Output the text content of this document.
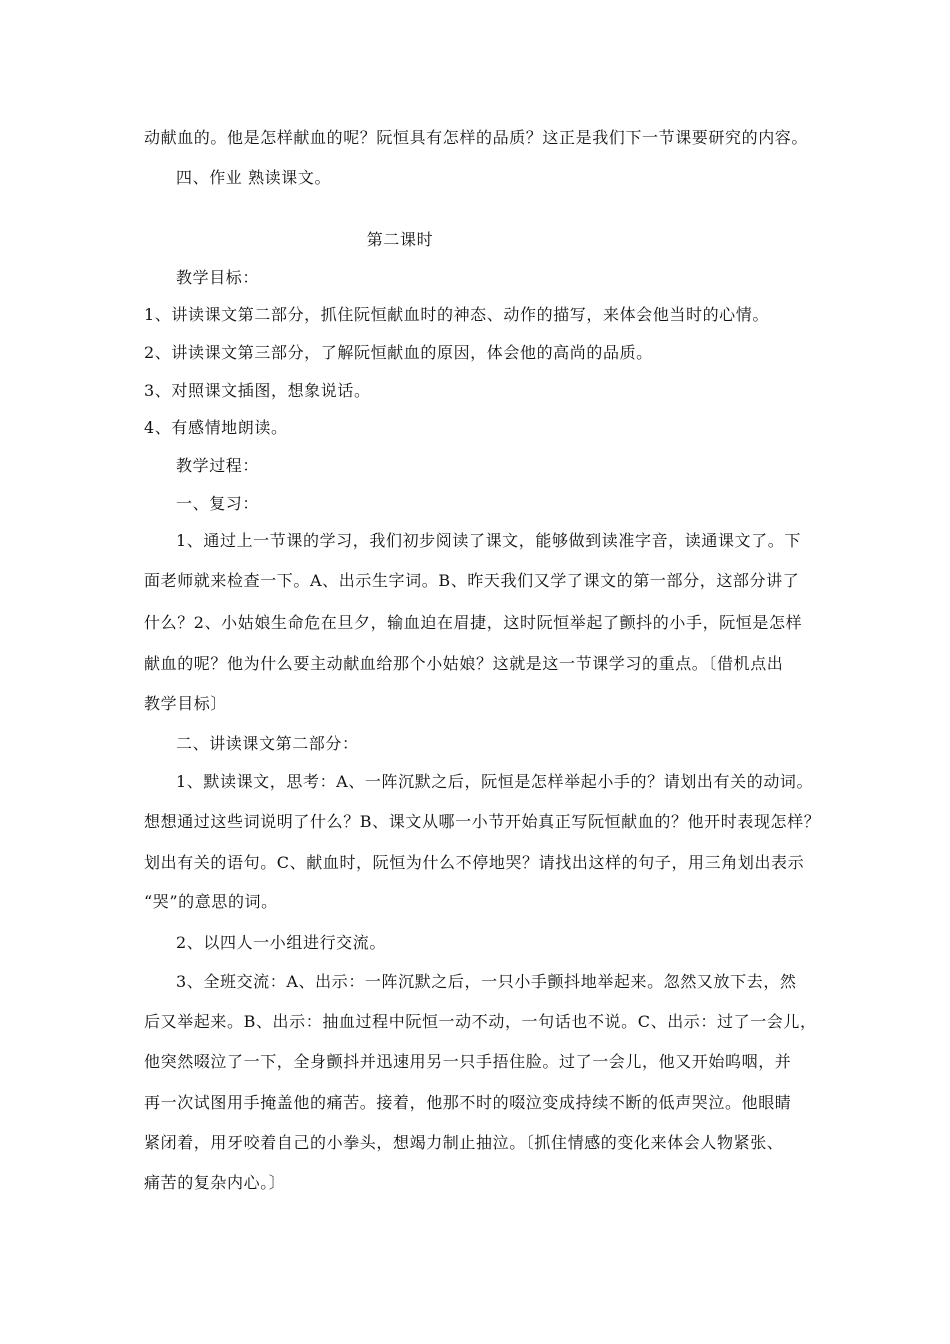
动献血的。他是怎样献血的呢？阮恒具有怎样的品质？这正是我们下一节课要研究的内容。
四、作业 熟读课文。
第二课时
教学目标：
1、讲读课文第二部分，抓住阮恒献血时的神态、动作的描写，来体会他当时的心情。
2、讲读课文第三部分，了解阮恒献血的原因，体会他的高尚的品质。
3、对照课文插图，想象说话。
4、有感情地朗读。
教学过程：
一、复习：
1、通过上一节课的学习，我们初步阅读了课文，能够做到读准字音，读通课文了。下
面老师就来检查一下。A、出示生字词。B、昨天我们又学了课文的第一部分，这部分讲了
什么？2、小姑娘生命危在旦夕，输血迫在眉捷，这时阮恒举起了颤抖的小手，阮恒是怎样
献血的呢？他为什么要主动献血给那个小姑娘？这就是这一节课学习的重点。〔借机点出
教学目标〕
二、讲读课文第二部分：
1、默读课文，思考：A、一阵沉默之后，阮恒是怎样举起小手的？请划出有关的动词。
想想通过这些词说明了什么？B、课文从哪一小节开始真正写阮恒献血的？他开时表现怎样？
划出有关的语句。C、献血时，阮恒为什么不停地哭？请找出这样的句子，用三角划出表示
“哭”的意思的词。
2、以四人一小组进行交流。
3、全班交流：A、出示：一阵沉默之后，一只小手颤抖地举起来。忽然又放下去，然
后又举起来。B、出示：抽血过程中阮恒一动不动，一句话也不说。C、出示：过了一会儿，
他突然啜泣了一下，全身颤抖并迅速用另一只手捂住脸。过了一会儿，他又开始呜咽，并
再一次试图用手掩盖他的痛苦。接着，他那不时的啜泣变成持续不断的低声哭泣。他眼睛
紧闭着，用牙咬着自己的小拳头，想竭力制止抽泣。〔抓住情感的变化来体会人物紧张、
痛苦的复杂内心。〕
